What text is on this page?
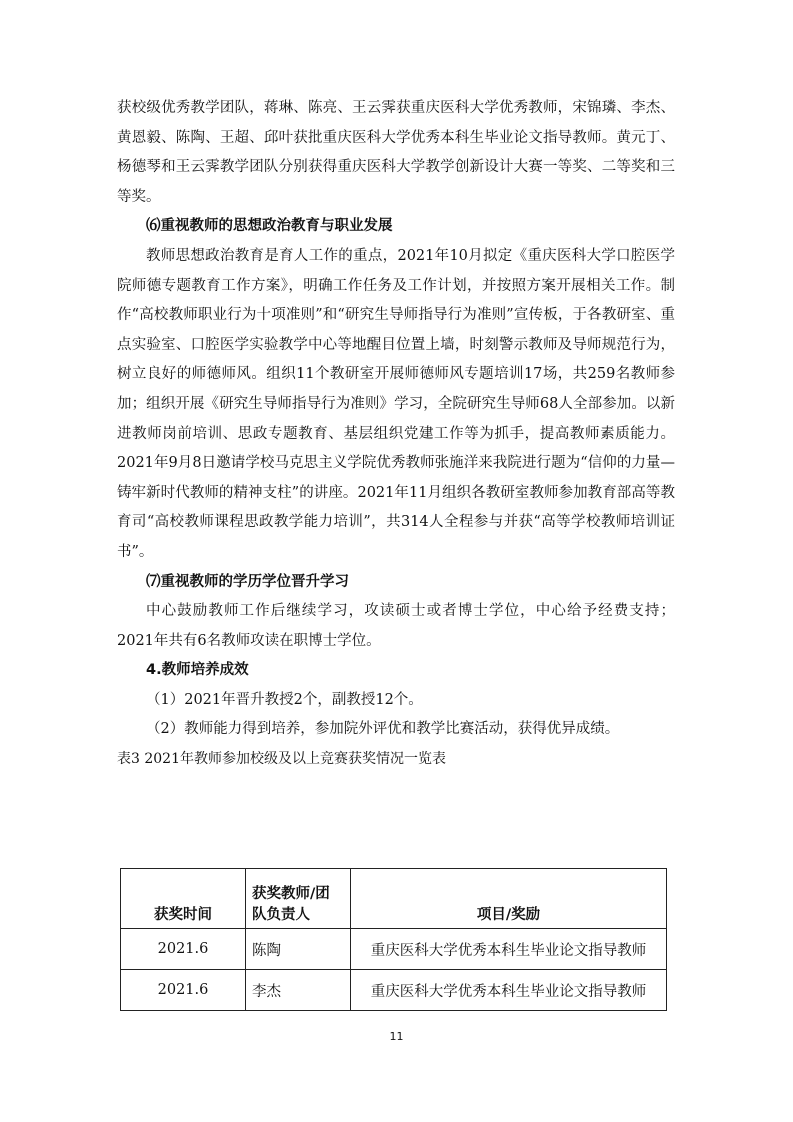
获校级优秀教学团队，蒋琳、陈亮、王云霁获重庆医科大学优秀教师，宋锦璘、李杰、黄恩毅、陈陶、王超、邱叶获批重庆医科大学优秀本科生毕业论文指导教师。黄元丁、杨德琴和王云霁教学团队分别获得重庆医科大学教学创新设计大赛一等奖、二等奖和三等奖。

⑹重视教师的思想政治教育与职业发展

教师思想政治教育是育人工作的重点，2021年10月拟定《重庆医科大学口腔医学院师德专题教育工作方案》，明确工作任务及工作计划，并按照方案开展相关工作。制作“高校教师职业行为十项准则”和“研究生导师指导行为准则”宣传板，于各教研室、重点实验室、口腔医学实验教学中心等地醒目位置上墙，时刻警示教师及导师规范行为，树立良好的师德师风。组织11个教研室开展师德师风专题培训17场，共259名教师参加；组织开展《研究生导师指导行为准则》学习，全院研究生导师68人全部参加。以新进教师岗前培训、思政专题教育、基层组织党建工作等为抓手，提高教师素质能力。2021年9月8日邀请学校马克思主义学院优秀教师张施洋来我院进行题为“信仰的力量—铸牢新时代教师的精神支柱”的讲座。2021年11月组织各教研室教师参加教育部高等教育司“高校教师课程思政教学能力培训”，共314人全程参与并获“高等学校教师培训证书”。

⑺重视教师的学历学位晋升学习

中心鼓励教师工作后继续学习，攻读硕士或者博士学位，中心给予经费支持；2021年共有6名教师攻读在职博士学位。

4.教师培养成效

（1）2021年晋升教授2个，副教授12个。

（2）教师能力得到培养，参加院外评优和教学比赛活动，获得优异成绩。

表3 2021年教师参加校级及以上竞赛获奖情况一览表

获奖时间	获奖教师/团队负责人	项目/奖励
2021.6	陈陶	重庆医科大学优秀本科生毕业论文指导教师
2021.6	李杰	重庆医科大学优秀本科生毕业论文指导教师
11
